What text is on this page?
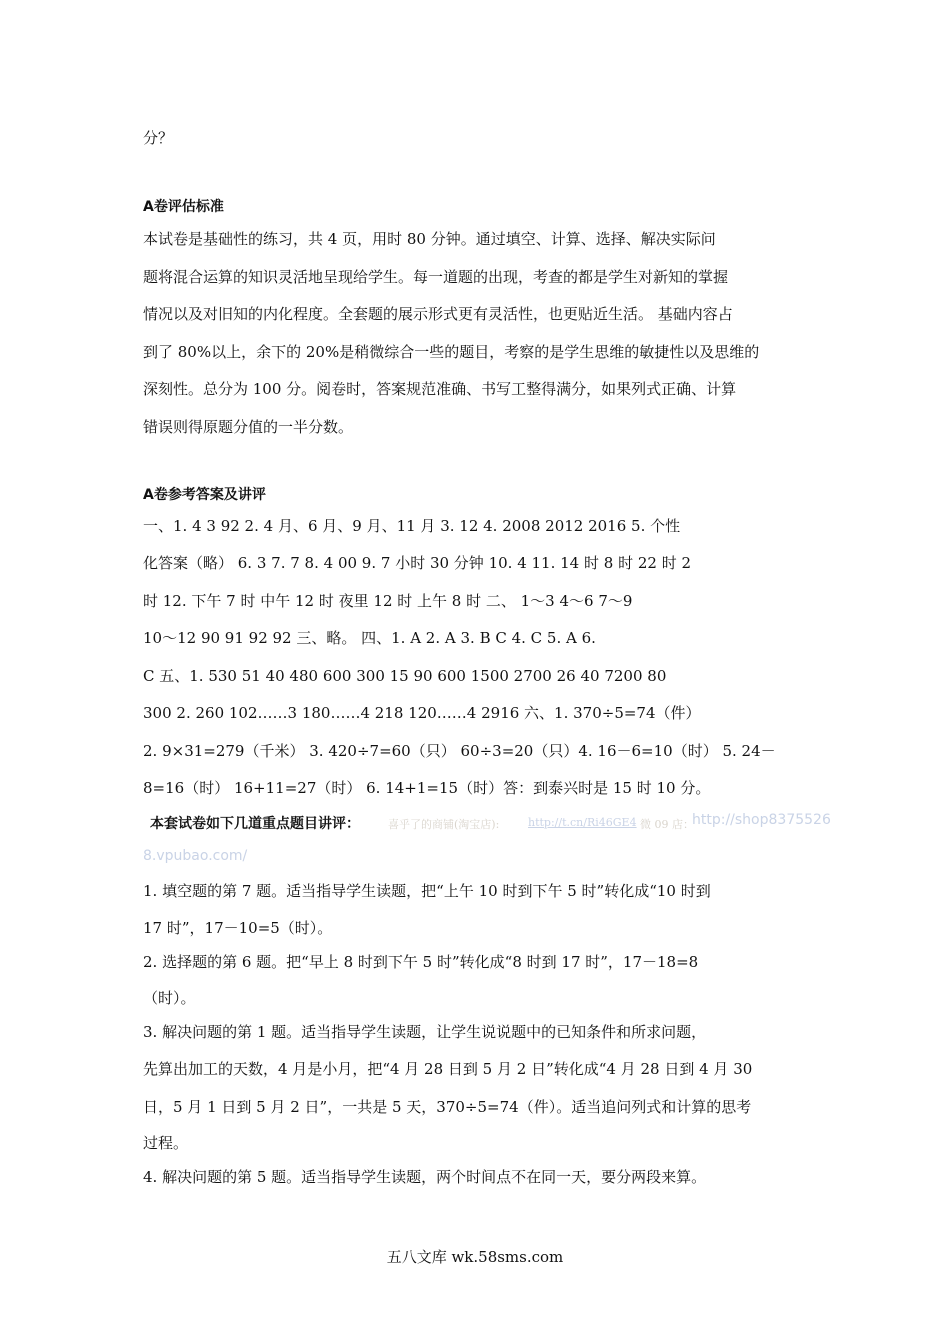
分？
A卷评估标准
本试卷是基础性的练习，共 4 页，用时 80 分钟。通过填空、计算、选择、解决实际问
题将混合运算的知识灵活地呈现给学生。每一道题的出现，考查的都是学生对新知的掌握
情况以及对旧知的内化程度。全套题的展示形式更有灵活性，也更贴近生活。 基础内容占
到了 80%以上，余下的 20%是稍微综合一些的题目，考察的是学生思维的敏捷性以及思维的
深刻性。总分为 100 分。阅卷时，答案规范准确、书写工整得满分，如果列式正确、计算
错误则得原题分值的一半分数。
A卷参考答案及讲评
一、1. 4 3 92 2. 4 月、6 月、9 月、11 月 3. 12 4. 2008 2012 2016 5. 个性
化答案（略） 6. 3 7. 7 8. 4 00 9. 7 小时 30 分钟 10. 4 11. 14 时 8 时 22 时 2
时 12. 下午 7 时 中午 12 时 夜里 12 时 上午 8 时 二、 1～3 4～6 7～9
10～12 90 91 92 92 三、略。 四、1. A 2. A 3. B C 4. C 5. A 6.
C 五、1. 530 51 40 480 600 300 15 90 600 1500 2700 26 40 7200 80
300 2. 260 102……3 180……4 218 120……4 2916 六、1. 370÷5=74（件）
2. 9×31=279（千米） 3. 420÷7=60（只） 60÷3=20（只）4. 16－6=10（时） 5. 24－
8=16（时） 16+11=27（时） 6. 14+1=15（时）答：到泰兴时是 15 时 10 分。
本套试卷如下几道重点题目讲评：	喜乎了的商铺(淘宝店):	http://t.cn/Ri46GE4 微 09 店：
http://shop8375526
8.vpubao.com/
1. 填空题的第 7 题。适当指导学生读题，把“上午 10 时到下午 5 时”转化成“10 时到
17 时”，17－10=5（时）。
2. 选择题的第 6 题。把“早上 8 时到下午 5 时”转化成“8 时到 17 时”，17－18=8
（时）。
3. 解决问题的第 1 题。适当指导学生读题，让学生说说题中的已知条件和所求问题，
先算出加工的天数，4 月是小月，把“4 月 28 日到 5 月 2 日”转化成“4 月 28 日到 4 月 30
日，5 月 1 日到 5 月 2 日”，一共是 5 天，370÷5=74（件）。适当追问列式和计算的思考
过程。
4. 解决问题的第 5 题。适当指导学生读题，两个时间点不在同一天，要分两段来算。
五八文库 wk.58sms.com
